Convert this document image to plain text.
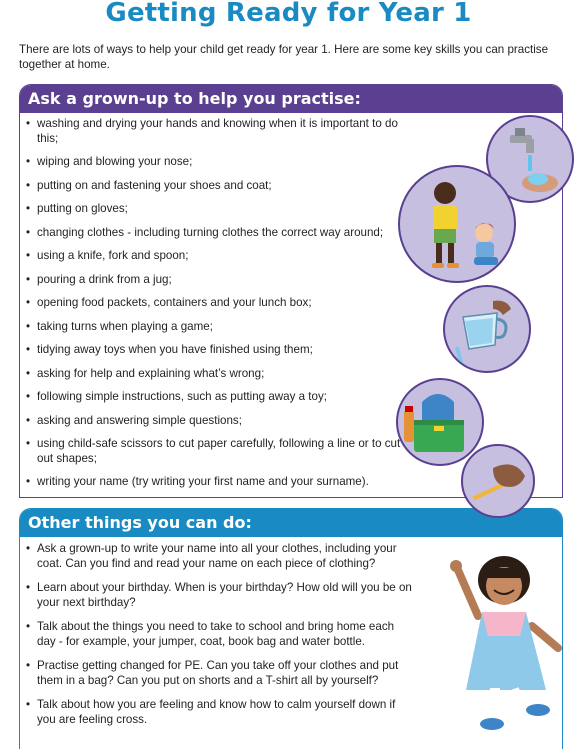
Getting Ready for Year 1
There are lots of ways to help your child get ready for year 1. Here are some key skills you can practise together at home.
Ask a grown-up to help you practise:
• washing and drying your hands and knowing when it is important to do this;
• wiping and blowing your nose;
• putting on and fastening your shoes and coat;
• putting on gloves;
• changing clothes - including turning clothes the correct way around;
• using a knife, fork and spoon;
• pouring a drink from a jug;
• opening food packets, containers and your lunch box;
• taking turns when playing a game;
• tidying away toys when you have finished using them;
• asking for help and explaining what’s wrong;
• following simple instructions, such as putting away a toy;
• asking and answering simple questions;
• using child-safe scissors to cut paper carefully, following a line or to cut out shapes;
• writing your name (try writing your first name and your surname).
Other things you can do:
• Ask a grown-up to write your name into all your clothes, including your coat. Can you find and read your name on each piece of clothing?
• Learn about your birthday. When is your birthday? How old will you be on your next birthday?
• Talk about the things you need to take to school and bring home each day - for example, your jumper, coat, book bag and water bottle.
• Practise getting changed for PE. Can you take off your clothes and put them in a bag? Can you put on shorts and a T-shirt all by yourself?
• Talk about how you are feeling and know how to calm yourself down if you are feeling cross.
